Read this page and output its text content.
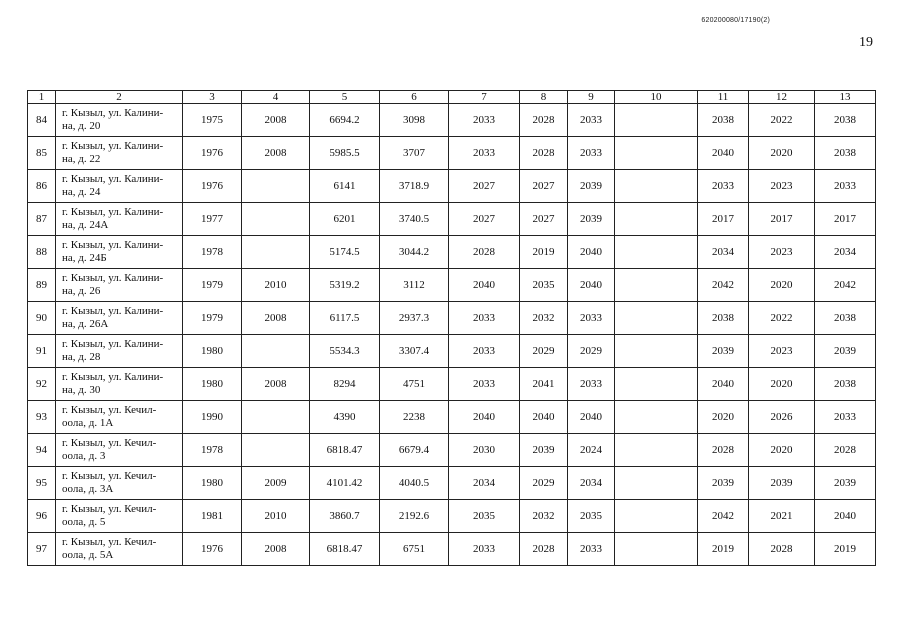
620200080/17190(2)
19
1	2	3	4	5	6	7	8	9	10	11	12	13
84	г. Кызыл, ул. Калини-
на, д. 20	1975	2008	6694.2	3098	2033	2028	2033		2038	2022	2038
85	г. Кызыл, ул. Калини-
на, д. 22	1976	2008	5985.5	3707	2033	2028	2033		2040	2020	2038
86	г. Кызыл, ул. Калини-
на, д. 24	1976		6141	3718.9	2027	2027	2039		2033	2023	2033
87	г. Кызыл, ул. Калини-
на, д. 24А	1977		6201	3740.5	2027	2027	2039		2017	2017	2017
88	г. Кызыл, ул. Калини-
на, д. 24Б	1978		5174.5	3044.2	2028	2019	2040		2034	2023	2034
89	г. Кызыл, ул. Калини-
на, д. 26	1979	2010	5319.2	3112	2040	2035	2040		2042	2020	2042
90	г. Кызыл, ул. Калини-
на, д. 26А	1979	2008	6117.5	2937.3	2033	2032	2033		2038	2022	2038
91	г. Кызыл, ул. Калини-
на, д. 28	1980		5534.3	3307.4	2033	2029	2029		2039	2023	2039
92	г. Кызыл, ул. Калини-
на, д. 30	1980	2008	8294	4751	2033	2041	2033		2040	2020	2038
93	г. Кызыл, ул. Кечил-
оола, д. 1А	1990		4390	2238	2040	2040	2040		2020	2026	2033
94	г. Кызыл, ул. Кечил-
оола, д. 3	1978		6818.47	6679.4	2030	2039	2024		2028	2020	2028
95	г. Кызыл, ул. Кечил-
оола, д. 3А	1980	2009	4101.42	4040.5	2034	2029	2034		2039	2039	2039
96	г. Кызыл, ул. Кечил-
оола, д. 5	1981	2010	3860.7	2192.6	2035	2032	2035		2042	2021	2040
97	г. Кызыл, ул. Кечил-
оола, д. 5А	1976	2008	6818.47	6751	2033	2028	2033		2019	2028	2019
